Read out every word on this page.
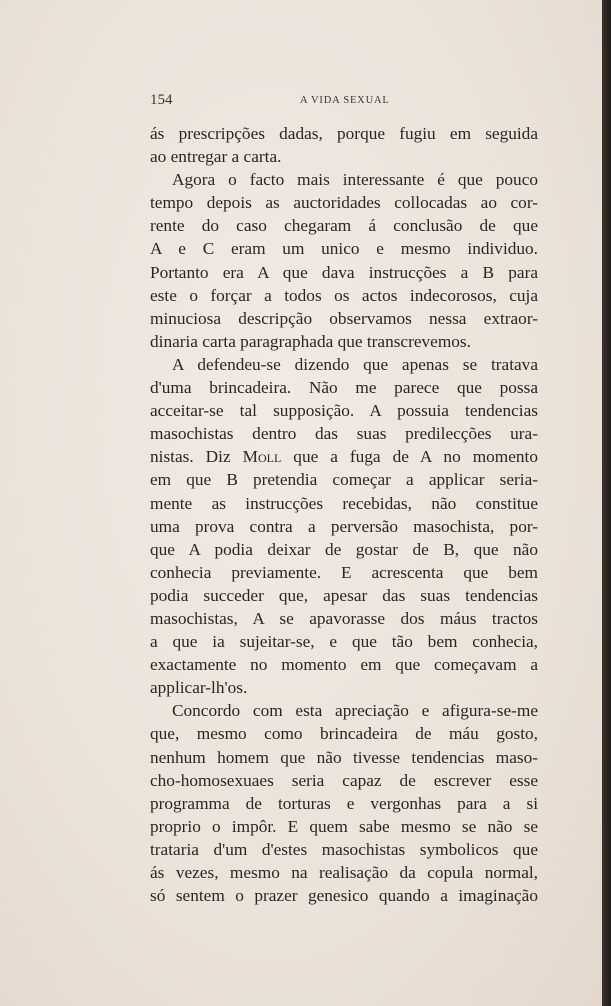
154	A VIDA SEXUAL
ás prescripções dadas, porque fugiu em seguida
ao entregar a carta.
Agora o facto mais interessante é que pouco
tempo depois as auctoridades collocadas ao cor-
rente do caso chegaram á conclusão de que
A e C eram um unico e mesmo individuo.
Portanto era A que dava instrucções a B para
este o forçar a todos os actos indecorosos, cuja
minuciosa descripção observamos nessa extraor-
dinaria carta paragraphada que transcrevemos.
A defendeu-se dizendo que apenas se tratava
d'uma brincadeira. Não me parece que possa
acceitar-se tal supposição. A possuia tendencias
masochistas dentro das suas predilecções ura-
nistas. Diz Moll que a fuga de A no momento
em que B pretendia começar a applicar seria-
mente as instrucções recebidas, não constitue
uma prova contra a perversão masochista, por-
que A podia deixar de gostar de B, que não
conhecia previamente. E acrescenta que bem
podia succeder que, apesar das suas tendencias
masochistas, A se apavorasse dos máus tractos
a que ia sujeitar-se, e que tão bem conhecia,
exactamente no momento em que começavam a
applicar-lh'os.
Concordo com esta apreciação e afigura-se-me
que, mesmo como brincadeira de máu gosto,
nenhum homem que não tivesse tendencias maso-
cho-homosexuaes seria capaz de escrever esse
programma de torturas e vergonhas para a si
proprio o impôr. E quem sabe mesmo se não se
trataria d'um d'estes masochistas symbolicos que
ás vezes, mesmo na realisação da copula normal,
só sentem o prazer genesico quando a imaginação
